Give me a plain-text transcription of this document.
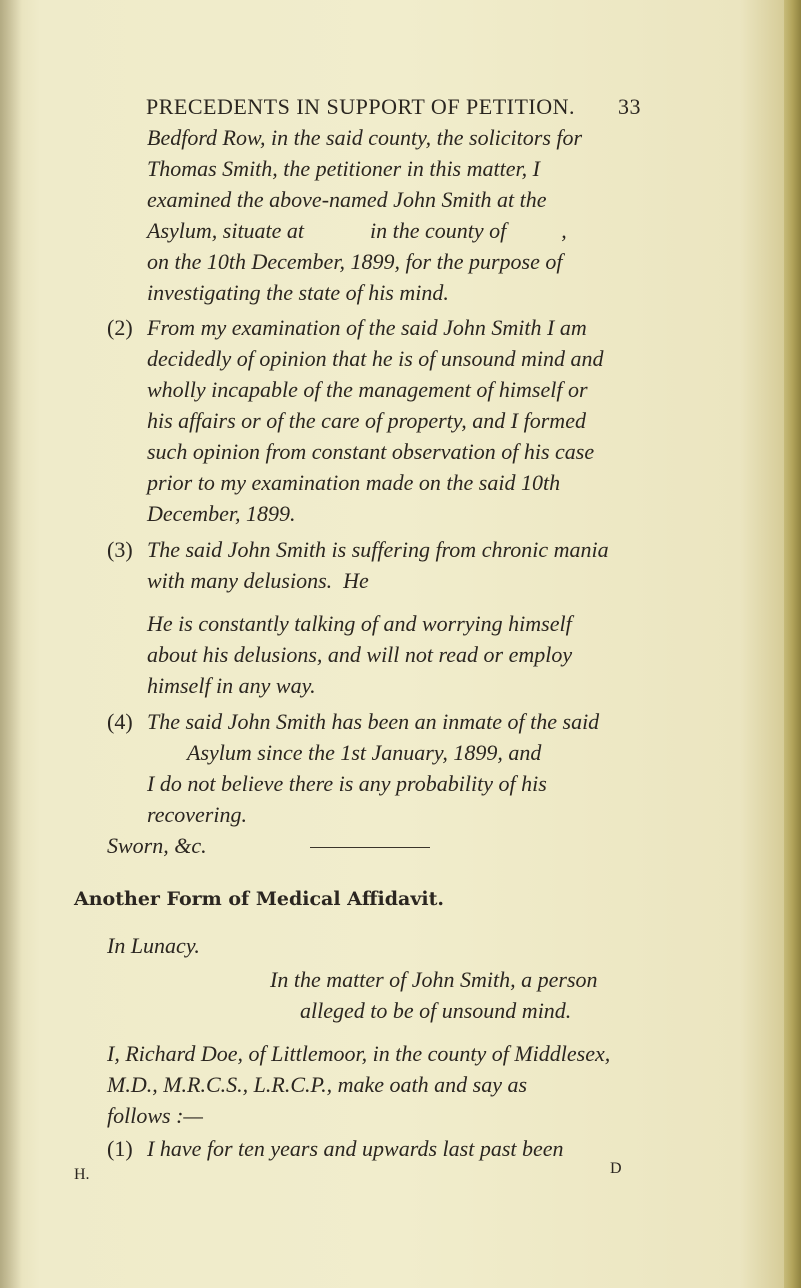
PRECEDENTS IN SUPPORT OF PETITION. 33

Bedford Row, in the said county, the solicitors for

Thomas Smith, the petitioner in this matter, I

examined the above-named John Smith at the

Asylum, situate at            in the county of          ,

on the 10th December, 1899, for the purpose of

investigating the state of his mind.

(2) From my examination of the said John Smith I am

decidedly of opinion that he is of unsound mind and

wholly incapable of the management of himself or

his affairs or of the care of property, and I formed

such opinion from constant observation of his case

prior to my examination made on the said 10th

December, 1899.

(3) The said John Smith is suffering from chronic mania

with many delusions.  He

He is constantly talking of and worrying himself

about his delusions, and will not read or employ

himself in any way.

(4) The said John Smith has been an inmate of the said

Asylum since the 1st January, 1899, and

I do not believe there is any probability of his

recovering.

Sworn, &c.

Another Form of Medical Affidavit.

In Lunacy.

In the matter of John Smith, a person

alleged to be of unsound mind.

I, Richard Doe, of Littlemoor, in the county of Middlesex,

M.D., M.R.C.S., L.R.C.P., make oath and say as

follows :—

(1) I have for ten years and upwards last past been

H.	D
